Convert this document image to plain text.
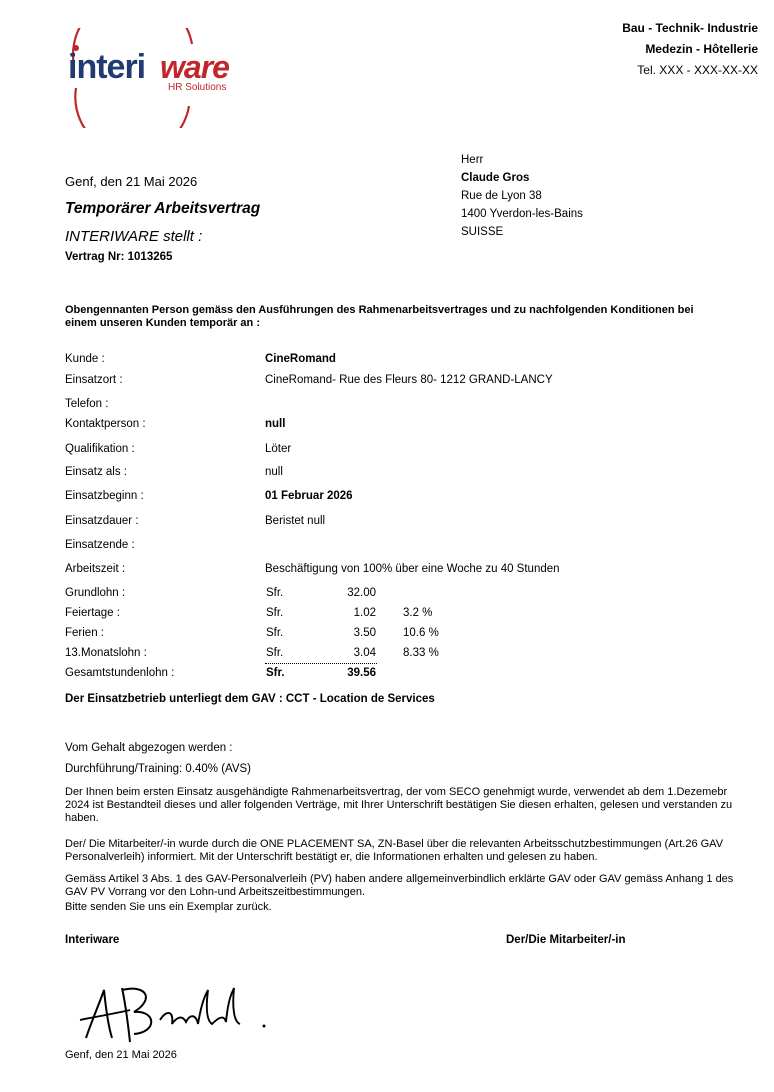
interi ware
HR Solutions
Bau - Technik- Industrie
Medezin - Hôtellerie
Tel. XXX - XXX-XX-XX
Herr
Claude Gros
Rue de Lyon 38
1400 Yverdon-les-Bains
SUISSE
Genf, den 21 Mai 2026
Temporärer Arbeitsvertrag
INTERIWARE stellt :
Vertrag Nr: 1013265
Obengennanten Person gemäss den Ausführungen des Rahmenarbeitsvertrages und zu nachfolgenden Konditionen bei einem unseren Kunden temporär an :
Kunde :	CineRomand
Einsatzort :	CineRomand- Rue des Fleurs 80- 1212 GRAND-LANCY
Telefon :
Kontaktperson :	null
Qualifikation :	Löter
Einsatz als :	null
Einsatzbeginn :	01 Februar 2026
Einsatzdauer :	Beristet null
Einsatzende :
Arbeitszeit :	Beschäftigung von 100% über eine Woche zu 40 Stunden
Grundlohn :	Sfr.	32.00
Feiertage :	Sfr.	1.02 3.2 %
Ferien :	Sfr.	3.50 10.6 %
13.Monatslohn :	Sfr.	3.04 8.33 %
Gesamtstundenlohn :	Sfr.	39.56
Der Einsatzbetrieb unterliegt dem GAV : CCT - Location de Services
Vom Gehalt abgezogen werden :
Durchführung/Training: 0.40% (AVS)
Der Ihnen beim ersten Einsatz ausgehändigte Rahmenarbeitsvertrag, der vom SECO genehmigt wurde, verwendet ab dem 1.Dezemebr 2024 ist Bestandteil dieses und aller folgenden Verträge, mit Ihrer Unterschrift bestätigen Sie diesen erhalten, gelesen und verstanden zu haben.
Der/ Die Mitarbeiter/-in wurde durch die ONE PLACEMENT SA, ZN-Basel über die relevanten Arbeitsschutzbestimmungen (Art.26 GAV Personalverleih) informiert. Mit der Unterschrift bestätigt er, die Informationen erhalten und gelesen zu haben.
Gemäss Artikel 3 Abs. 1 des GAV-Personalverleih (PV) haben andere allgemeinverbindlich erklärte GAV oder GAV gemäss Anhang 1 des GAV PV Vorrang vor den Lohn-und Arbeitszeitbestimmungen.
Bitte senden Sie uns ein Exemplar zurück.
Interiware	Der/Die Mitarbeiter/-in
Genf, den 21 Mai 2026
